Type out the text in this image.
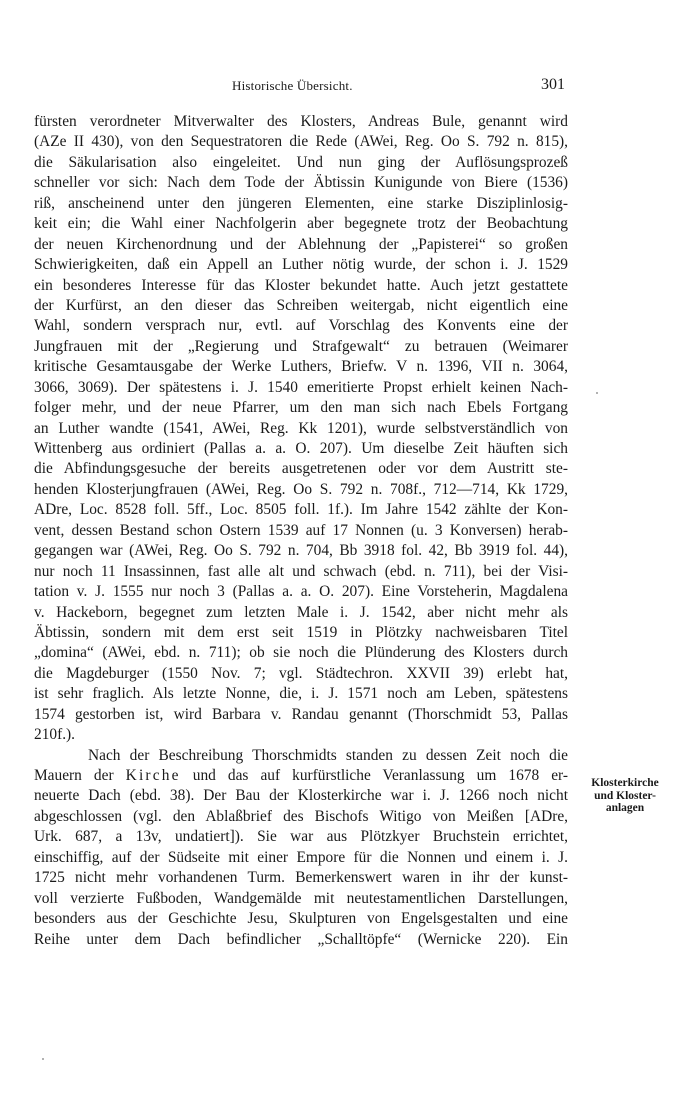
Historische Übersicht.	301
fürsten verordneter Mitverwalter des Klosters, Andreas Bule, genannt wird
(AZe II 430), von den Sequestratoren die Rede (AWei, Reg. Oo S. 792 n. 815),
die Säkularisation also eingeleitet. Und nun ging der Auflösungsprozeß
schneller vor sich: Nach dem Tode der Äbtissin Kunigunde von Biere (1536)
riß, anscheinend unter den jüngeren Elementen, eine starke Disziplinlosig-
keit ein; die Wahl einer Nachfolgerin aber begegnete trotz der Beobachtung
der neuen Kirchenordnung und der Ablehnung der „Papisterei“ so großen
Schwierigkeiten, daß ein Appell an Luther nötig wurde, der schon i. J. 1529
ein besonderes Interesse für das Kloster bekundet hatte. Auch jetzt gestattete
der Kurfürst, an den dieser das Schreiben weitergab, nicht eigentlich eine
Wahl, sondern versprach nur, evtl. auf Vorschlag des Konvents eine der
Jungfrauen mit der „Regierung und Strafgewalt“ zu betrauen (Weimarer
kritische Gesamtausgabe der Werke Luthers, Briefw. V n. 1396, VII n. 3064,
3066, 3069). Der spätestens i. J. 1540 emeritierte Propst erhielt keinen Nach-
folger mehr, und der neue Pfarrer, um den man sich nach Ebels Fortgang
an Luther wandte (1541, AWei, Reg. Kk 1201), wurde selbstverständlich von
Wittenberg aus ordiniert (Pallas a. a. O. 207). Um dieselbe Zeit häuften sich
die Abfindungsgesuche der bereits ausgetretenen oder vor dem Austritt ste-
henden Klosterjungfrauen (AWei, Reg. Oo S. 792 n. 708f., 712—714, Kk 1729,
ADre, Loc. 8528 foll. 5ff., Loc. 8505 foll. 1f.). Im Jahre 1542 zählte der Kon-
vent, dessen Bestand schon Ostern 1539 auf 17 Nonnen (u. 3 Konversen) herab-
gegangen war (AWei, Reg. Oo S. 792 n. 704, Bb 3918 fol. 42, Bb 3919 fol. 44),
nur noch 11 Insassinnen, fast alle alt und schwach (ebd. n. 711), bei der Visi-
tation v. J. 1555 nur noch 3 (Pallas a. a. O. 207). Eine Vorsteherin, Magdalena
v. Hackeborn, begegnet zum letzten Male i. J. 1542, aber nicht mehr als
Äbtissin, sondern mit dem erst seit 1519 in Plötzky nachweisbaren Titel
„domina“ (AWei, ebd. n. 711); ob sie noch die Plünderung des Klosters durch
die Magdeburger (1550 Nov. 7; vgl. Städtechron. XXVII 39) erlebt hat,
ist sehr fraglich. Als letzte Nonne, die, i. J. 1571 noch am Leben, spätestens
1574 gestorben ist, wird Barbara v. Randau genannt (Thorschmidt 53, Pallas
210f.).
Nach der Beschreibung Thorschmidts standen zu dessen Zeit noch die
Mauern der Kirche und das auf kurfürstliche Veranlassung um 1678 er-
neuerte Dach (ebd. 38). Der Bau der Klosterkirche war i. J. 1266 noch nicht
abgeschlossen (vgl. den Ablaßbrief des Bischofs Witigo von Meißen [ADre,
Urk. 687, a 13v, undatiert]). Sie war aus Plötzkyer Bruchstein errichtet,
einschiffig, auf der Südseite mit einer Empore für die Nonnen und einem i. J.
1725 nicht mehr vorhandenen Turm. Bemerkenswert waren in ihr der kunst-
voll verzierte Fußboden, Wandgemälde mit neutestamentlichen Darstellungen,
besonders aus der Geschichte Jesu, Skulpturen von Engelsgestalten und eine
Reihe unter dem Dach befindlicher „Schalltöpfe“ (Wernicke 220). Ein
Klosterkirche
und Kloster-
anlagen
